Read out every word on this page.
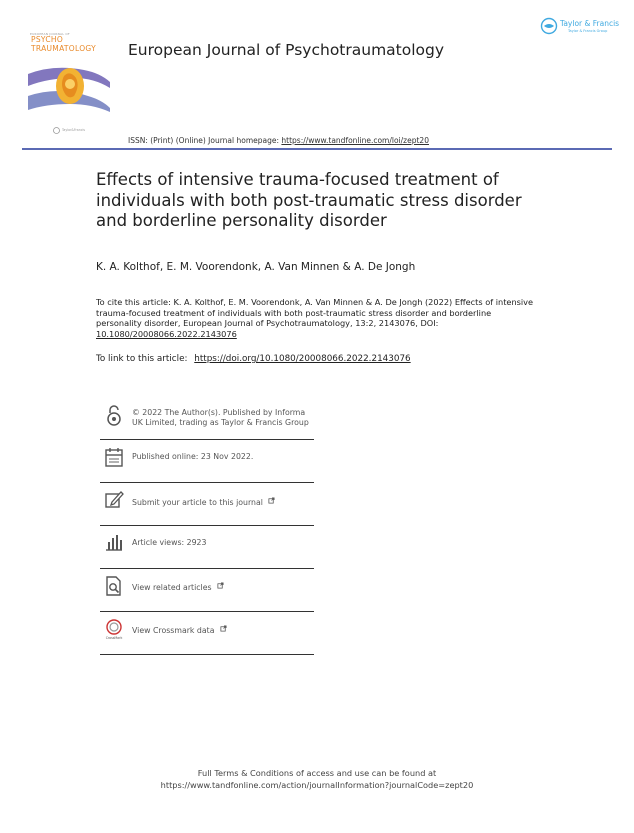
EUROPEAN JOURNAL OF
PSYCHO
TRAUMATOLOGY
Taylor&Francis
European Journal of Psychotraumatology
Taylor & Francis
Taylor & Francis Group
ISSN: (Print) (Online) Journal homepage: https://www.tandfonline.com/loi/zept20
Effects of intensive trauma-focused treatment of individuals with both post-traumatic stress disorder and borderline personality disorder
K. A. Kolthof, E. M. Voorendonk, A. Van Minnen & A. De Jongh
To cite this article: K. A. Kolthof, E. M. Voorendonk, A. Van Minnen & A. De Jongh (2022) Effects of intensive trauma-focused treatment of individuals with both post-traumatic stress disorder and borderline personality disorder, European Journal of Psychotraumatology, 13:2, 2143076, DOI: 10.1080/20008066.2022.2143076
To link to this article: https://doi.org/10.1080/20008066.2022.2143076
© 2022 The Author(s). Published by Informa UK Limited, trading as Taylor & Francis Group
Published online: 23 Nov 2022.
Submit your article to this journal
Article views: 2923
View related articles
CrossMark
View Crossmark data
Full Terms & Conditions of access and use can be found at
https://www.tandfonline.com/action/journalInformation?journalCode=zept20
